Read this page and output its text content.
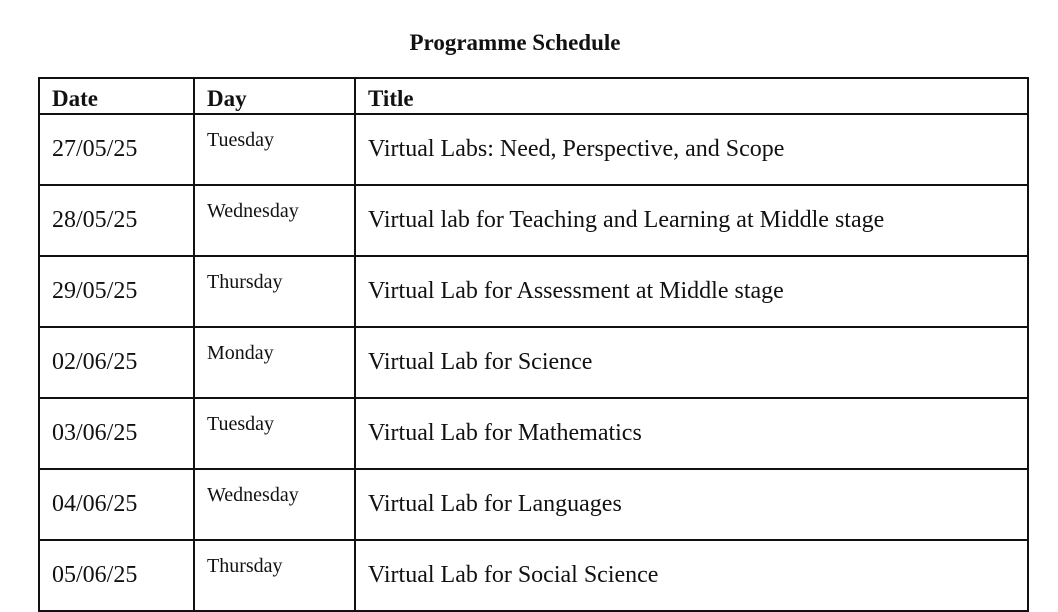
Programme Schedule
Date	Day	Title
27/05/25	Tuesday	Virtual Labs: Need, Perspective, and Scope
28/05/25	Wednesday	Virtual lab for Teaching and Learning at Middle stage
29/05/25	Thursday	Virtual Lab for Assessment at Middle stage
02/06/25	Monday	Virtual Lab for Science
03/06/25	Tuesday	Virtual Lab for Mathematics
04/06/25	Wednesday	Virtual Lab for Languages
05/06/25	Thursday	Virtual Lab for Social Science
